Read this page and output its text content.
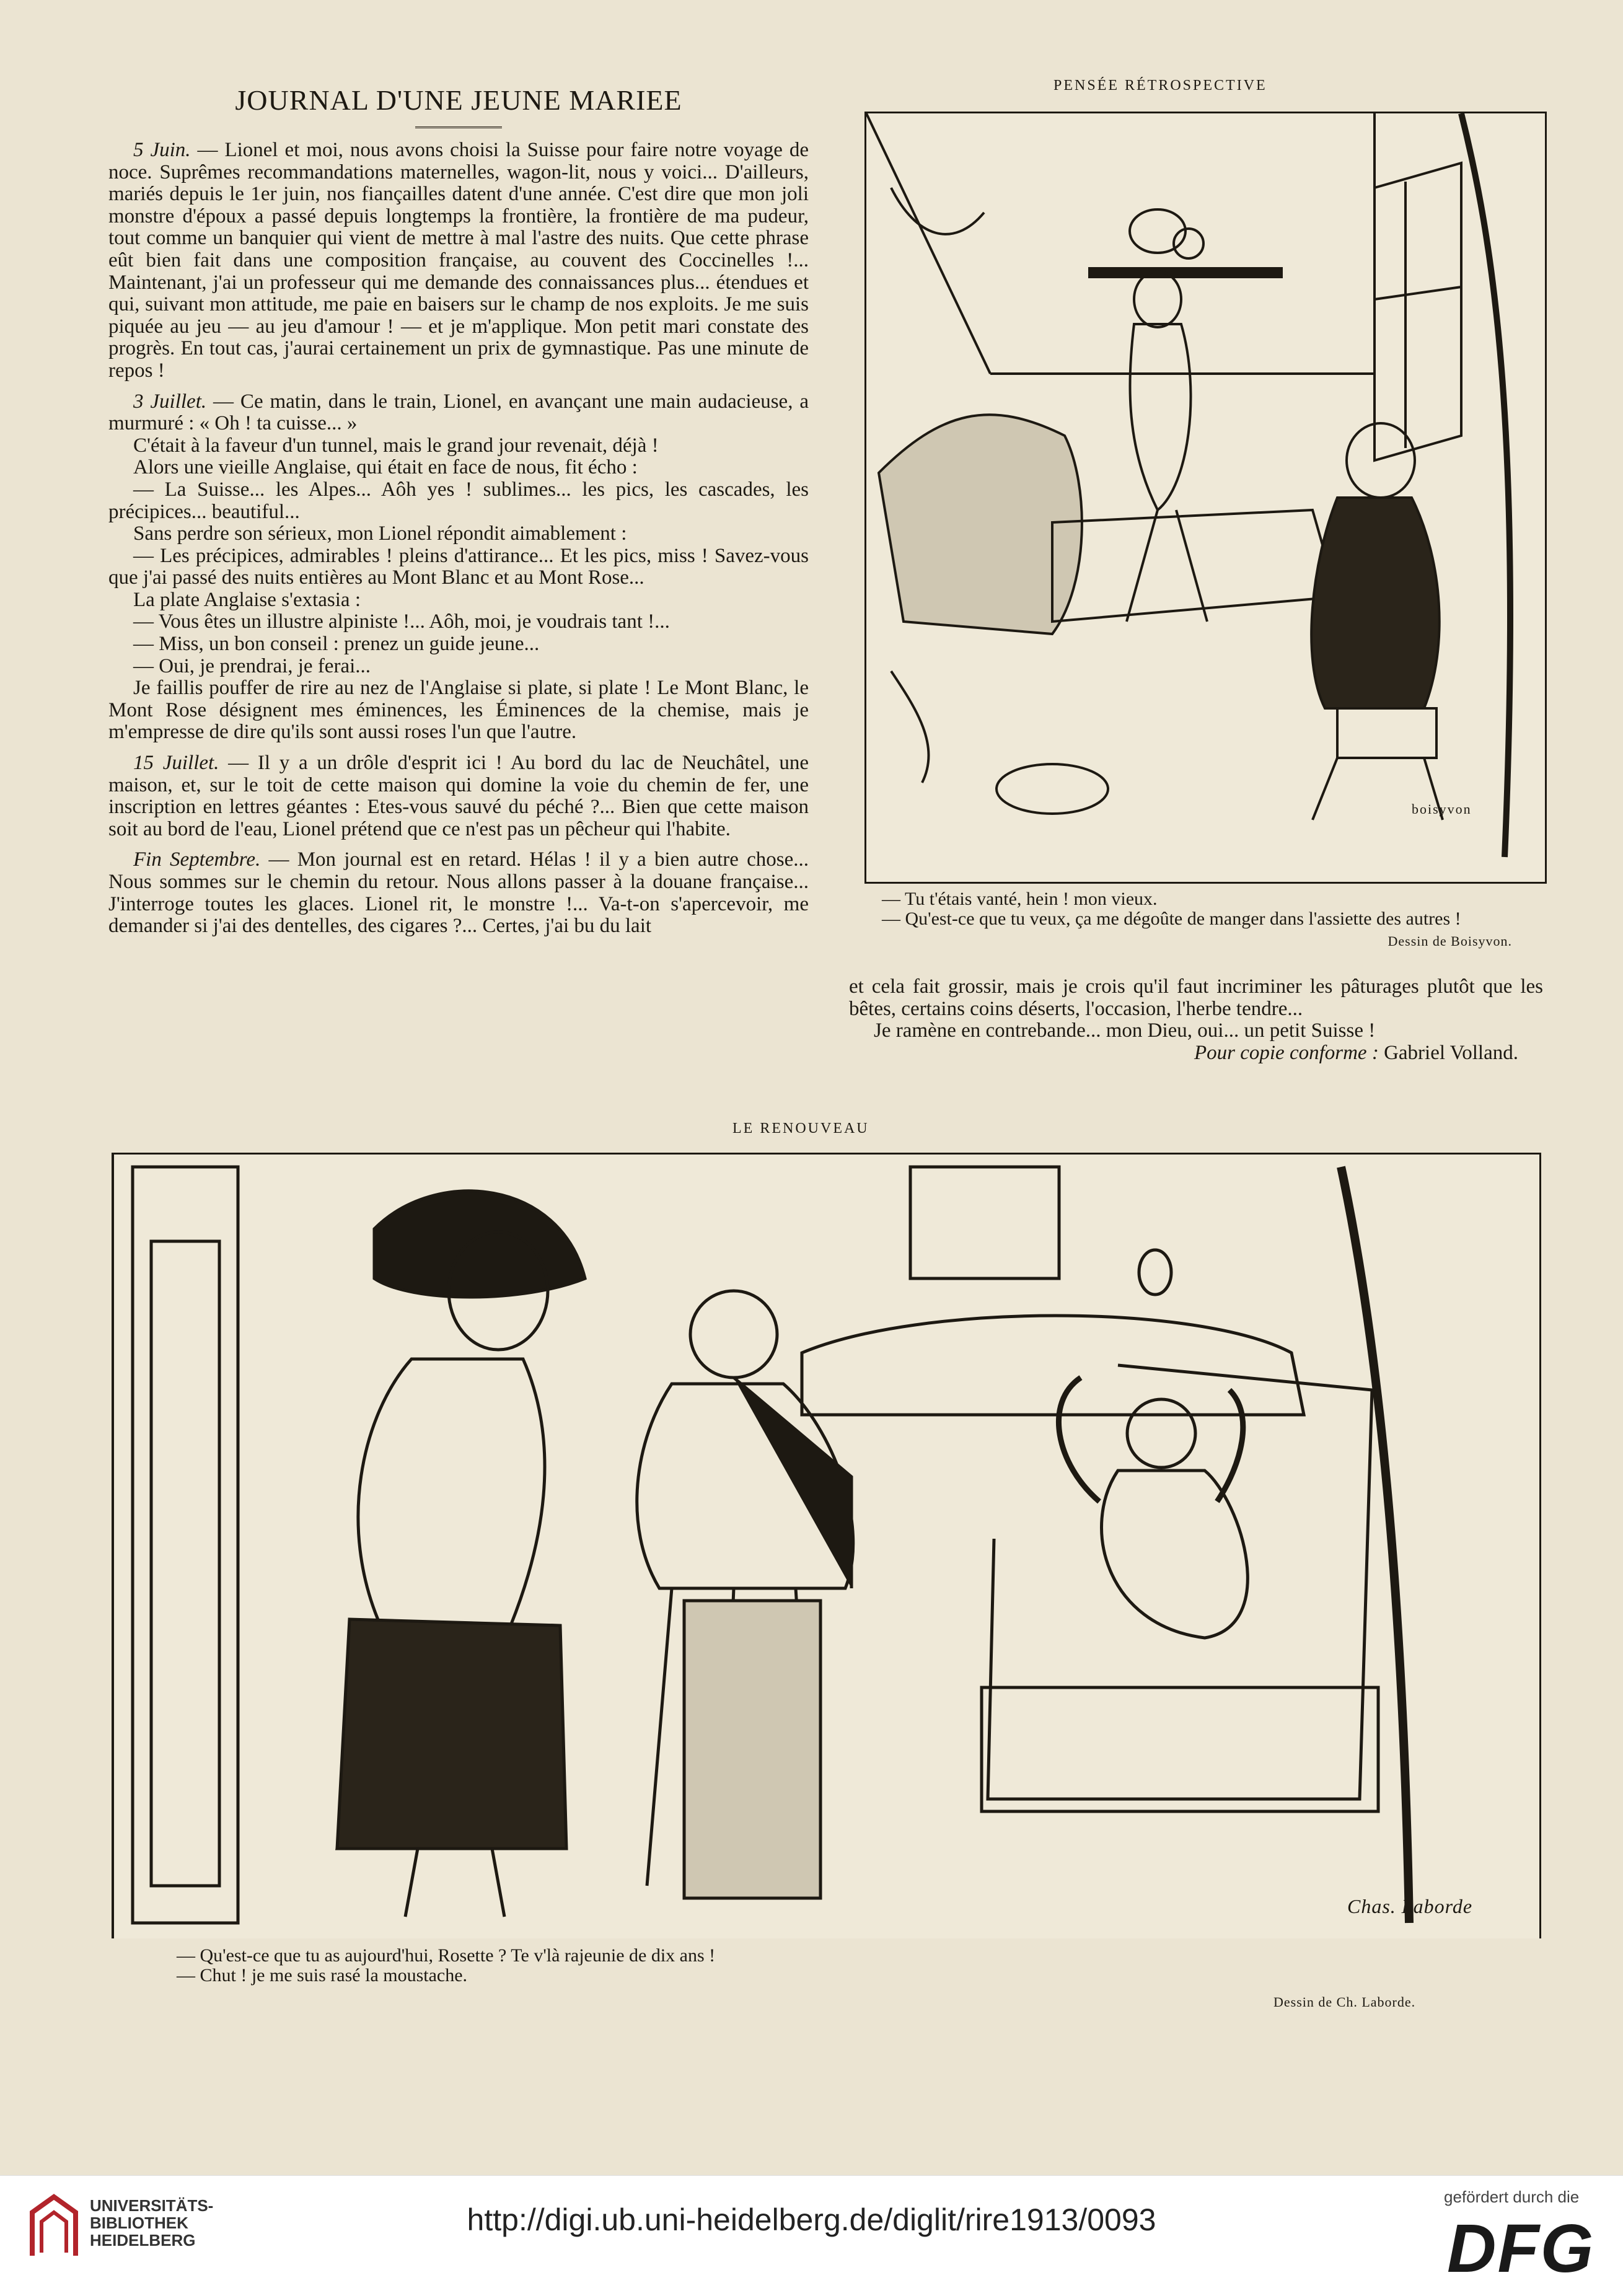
JOURNAL D'UNE JEUNE MARIEE

5 Juin. — Lionel et moi, nous avons choisi la Suisse pour faire notre voyage de noce. Suprêmes recommandations maternelles, wagon-lit, nous y voici... D'ailleurs, mariés depuis le 1er juin, nos fiançailles datent d'une année. C'est dire que mon joli monstre d'époux a passé depuis longtemps la frontière, la frontière de ma pudeur, tout comme un banquier qui vient de mettre à mal l'astre des nuits. Que cette phrase eût bien fait dans une composition française, au couvent des Coccinelles !... Maintenant, j'ai un professeur qui me demande des connaissances plus... étendues et qui, suivant mon attitude, me paie en baisers sur le champ de nos exploits. Je me suis piquée au jeu — au jeu d'amour ! — et je m'applique. Mon petit mari constate des progrès. En tout cas, j'aurai certainement un prix de gymnastique. Pas une minute de repos !

3 Juillet. — Ce matin, dans le train, Lionel, en avançant une main audacieuse, a murmuré : « Oh ! ta cuisse... »

C'était à la faveur d'un tunnel, mais le grand jour revenait, déjà !

Alors une vieille Anglaise, qui était en face de nous, fit écho :

— La Suisse... les Alpes... Aôh yes ! sublimes... les pics, les cascades, les précipices... beautiful...

Sans perdre son sérieux, mon Lionel répondit aimablement :

— Les précipices, admirables ! pleins d'attirance... Et les pics, miss ! Savez-vous que j'ai passé des nuits entières au Mont Blanc et au Mont Rose...

La plate Anglaise s'extasia :

— Vous êtes un illustre alpiniste !... Aôh, moi, je voudrais tant !...

— Miss, un bon conseil : prenez un guide jeune...

— Oui, je prendrai, je ferai...

Je faillis pouffer de rire au nez de l'Anglaise si plate, si plate ! Le Mont Blanc, le Mont Rose désignent mes éminences, les Éminences de la chemise, mais je m'empresse de dire qu'ils sont aussi roses l'un que l'autre.

15 Juillet. — Il y a un drôle d'esprit ici ! Au bord du lac de Neuchâtel, une maison, et, sur le toit de cette maison qui domine la voie du chemin de fer, une inscription en lettres géantes : Etes-vous sauvé du péché ?... Bien que cette maison soit au bord de l'eau, Lionel prétend que ce n'est pas un pêcheur qui l'habite.

Fin Septembre. — Mon journal est en retard. Hélas ! il y a bien autre chose... Nous sommes sur le chemin du retour. Nous allons passer à la douane française... J'interroge toutes les glaces. Lionel rit, le monstre !... Va-t-on s'apercevoir, me demander si j'ai des dentelles, des cigares ?... Certes, j'ai bu du lait

PENSÉE RÉTROSPECTIVE
boisyvon
— Tu t'étais vanté, hein ! mon vieux.
— Qu'est-ce que tu veux, ça me dégoûte de manger dans l'assiette des autres !
Dessin de Boisyvon.

et cela fait grossir, mais je crois qu'il faut incriminer les pâturages plutôt que les bêtes, certains coins déserts, l'occasion, l'herbe tendre...

Je ramène en contrebande... mon Dieu, oui... un petit Suisse !

Pour copie conforme : Gabriel Volland.

LE RENOUVEAU
Chas. Laborde
— Qu'est-ce que tu as aujourd'hui, Rosette ? Te v'là rajeunie de dix ans !
— Chut ! je me suis rasé la moustache.
Dessin de Ch. Laborde.
UNIVERSITÄTS-
BIBLIOTHEK
HEIDELBERG
http://digi.ub.uni-heidelberg.de/diglit/rire1913/0093
gefördert durch die
DFG
